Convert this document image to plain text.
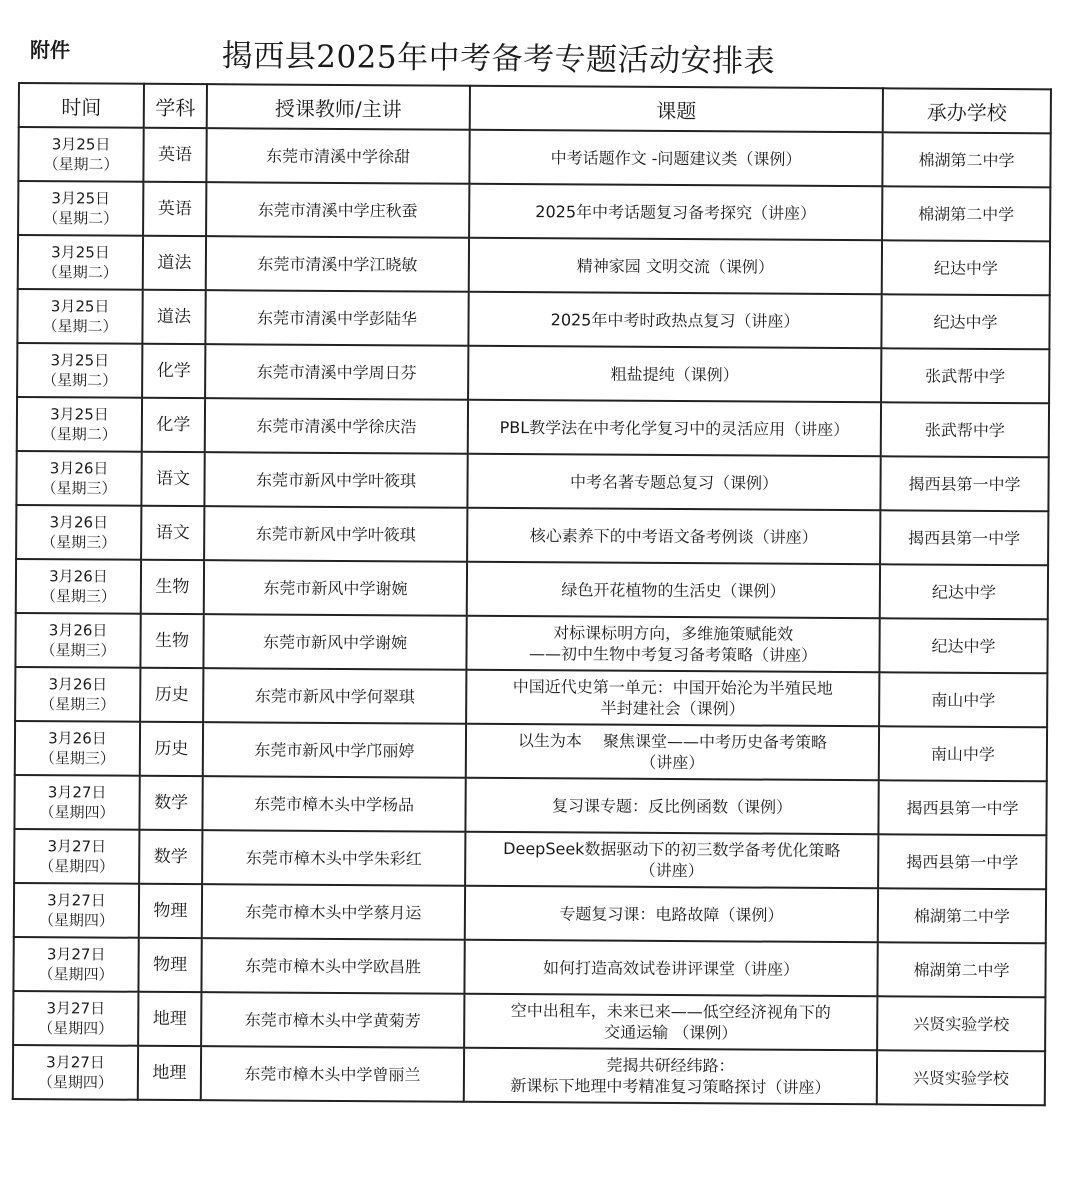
附件	揭西县2025年中考备考专题活动安排表
时间	学科	授课教师/主讲	课题	承办学校

3月25日
（星期二）	英语	东莞市清溪中学徐甜	中考话题作文 -问题建议类（课例）	棉湖第二中学

3月25日
（星期二）	英语	东莞市清溪中学庄秋蚕	2025年中考话题复习备考探究（讲座）	棉湖第二中学

3月25日
（星期二）	道法	东莞市清溪中学江晓敏	精神家园 文明交流（课例）	纪达中学

3月25日
（星期二）	道法	东莞市清溪中学彭陆华	2025年中考时政热点复习（讲座）	纪达中学

3月25日
（星期二）	化学	东莞市清溪中学周日芬	粗盐提纯（课例）	张武帮中学

3月25日
（星期二）	化学	东莞市清溪中学徐庆浩	PBL教学法在中考化学复习中的灵活应用（讲座）	张武帮中学

3月26日
（星期三）	语文	东莞市新风中学叶筱琪	中考名著专题总复习（课例）	揭西县第一中学

3月26日
（星期三）	语文	东莞市新风中学叶筱琪	核心素养下的中考语文备考例谈（讲座）	揭西县第一中学

3月26日
（星期三）	生物	东莞市新风中学谢婉	绿色开花植物的生活史（课例）	纪达中学

3月26日
（星期三）	生物	东莞市新风中学谢婉	对标课标明方向，多维施策赋能效
——初中生物中考复习备考策略（讲座）	纪达中学

3月26日
（星期三）	历史	东莞市新风中学何翠琪	中国近代史第一单元：中国开始沦为半殖民地
半封建社会（课例）	南山中学

3月26日
（星期三）	历史	东莞市新风中学邝丽婷	以生为本　 聚焦课堂——中考历史备考策略
（讲座）	南山中学

3月27日
（星期四）	数学	东莞市樟木头中学杨品	复习课专题：反比例函数（课例）	揭西县第一中学

3月27日
（星期四）	数学	东莞市樟木头中学朱彩红	DeepSeek数据驱动下的初三数学备考优化策略
（讲座）	揭西县第一中学

3月27日
（星期四）	物理	东莞市樟木头中学蔡月运	专题复习课：电路故障（课例）	棉湖第二中学

3月27日
（星期四）	物理	东莞市樟木头中学欧昌胜	如何打造高效试卷讲评课堂（讲座）	棉湖第二中学

3月27日
（星期四）	地理	东莞市樟木头中学黄菊芳	空中出租车，未来已来——低空经济视角下的
交通运输 （课例）	兴贤实验学校

3月27日
（星期四）	地理	东莞市樟木头中学曾丽兰	莞揭共研经纬路：
新课标下地理中考精准复习策略探讨（讲座）	兴贤实验学校
